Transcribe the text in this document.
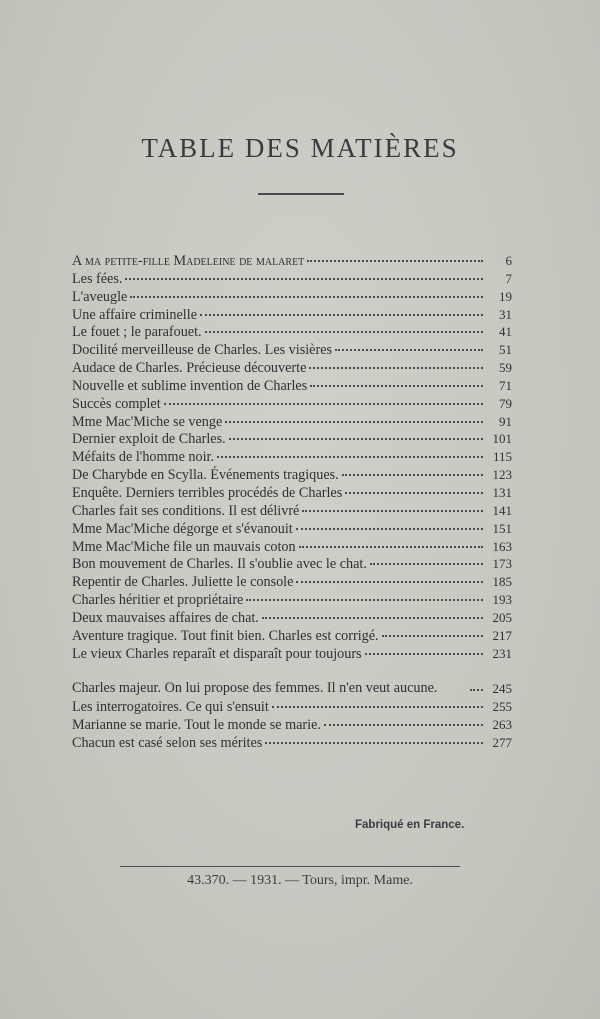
TABLE DES MATIÈRES
A ma petite-fille Madeleine de malaret	6
Les fées.	7
L'aveugle	19
Une affaire criminelle	31
Le fouet ; le parafouet.	41
Docilité merveilleuse de Charles. Les visières	51
Audace de Charles. Précieuse découverte	59
Nouvelle et sublime invention de Charles	71
Succès complet	79
Mme Mac'Miche se venge	91
Dernier exploit de Charles.	101
Méfaits de l'homme noir.	115
De Charybde en Scylla. Événements tragiques.	123
Enquête. Derniers terribles procédés de Charles	131
Charles fait ses conditions. Il est délivré	141
Mme Mac'Miche dégorge et s'évanouit	151
Mme Mac'Miche file un mauvais coton	163
Bon mouvement de Charles. Il s'oublie avec le chat.	173
Repentir de Charles. Juliette le console	185
Charles héritier et propriétaire	193
Deux mauvaises affaires de chat.	205
Aventure tragique. Tout finit bien. Charles est corrigé.	217
Le vieux Charles reparaît et disparaît pour toujours	231
Charles majeur. On lui propose des femmes. Il n'en veut aucune.	245
Les interrogatoires. Ce qui s'ensuit	255
Marianne se marie. Tout le monde se marie.	263
Chacun est casé selon ses mérites	277
Fabriqué en France.
43.370. — 1931. — Tours, impr. Mame.
